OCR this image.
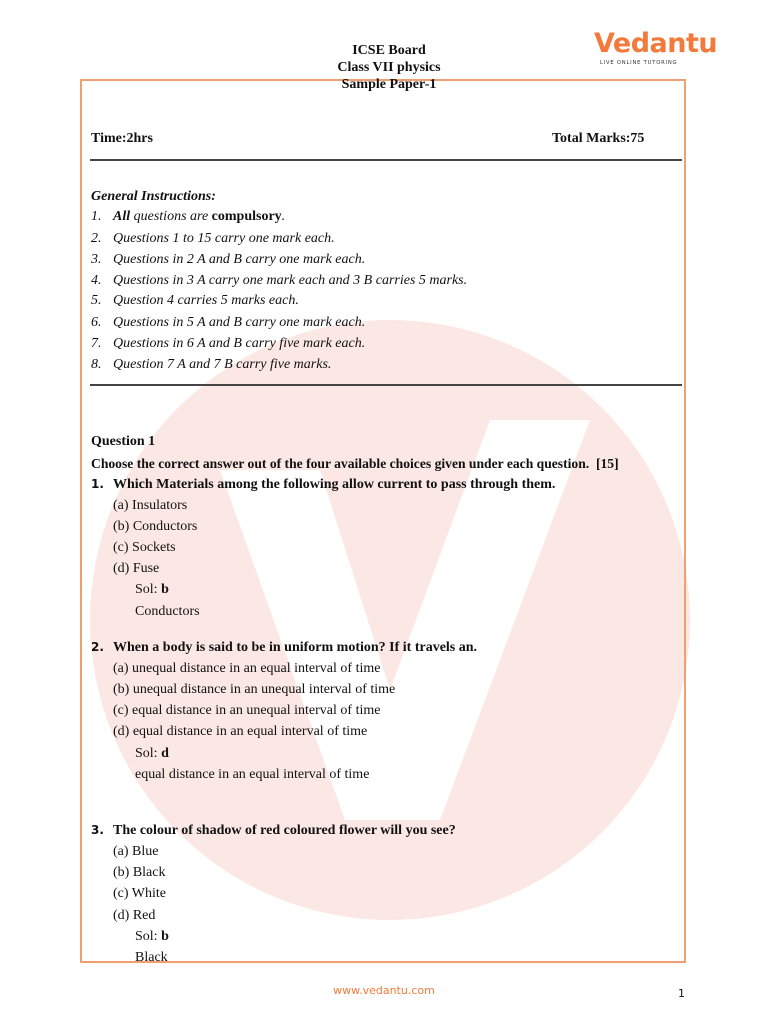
ICSE Board
Class VII physics
Sample Paper-1
Vedantu
LIVE ONLINE TUTORING
Time:2hrs	Total Marks:75
General Instructions:
1. All questions are compulsory.
2. Questions 1 to 15 carry one mark each.
3. Questions in 2 A and B carry one mark each.
4. Questions in 3 A carry one mark each and 3 B carries 5 marks.
5. Question 4 carries 5 marks each.
6. Questions in 5 A and B carry one mark each.
7. Questions in 6 A and B carry five mark each.
8. Question 7 A and 7 B carry five marks.
Question 1
Choose the correct answer out of the four available choices given under each question. [15]
1. Which Materials among the following allow current to pass through them.
(a) Insulators
(b) Conductors
(c) Sockets
(d) Fuse
Sol: b
Conductors
2. When a body is said to be in uniform motion? If it travels an.
(a) unequal distance in an equal interval of time
(b) unequal distance in an unequal interval of time
(c) equal distance in an unequal interval of time
(d) equal distance in an equal interval of time
Sol: d
equal distance in an equal interval of time
3. The colour of shadow of red coloured flower will you see?
(a) Blue
(b) Black
(c) White
(d) Red
Sol: b
Black
www.vedantu.com	1
